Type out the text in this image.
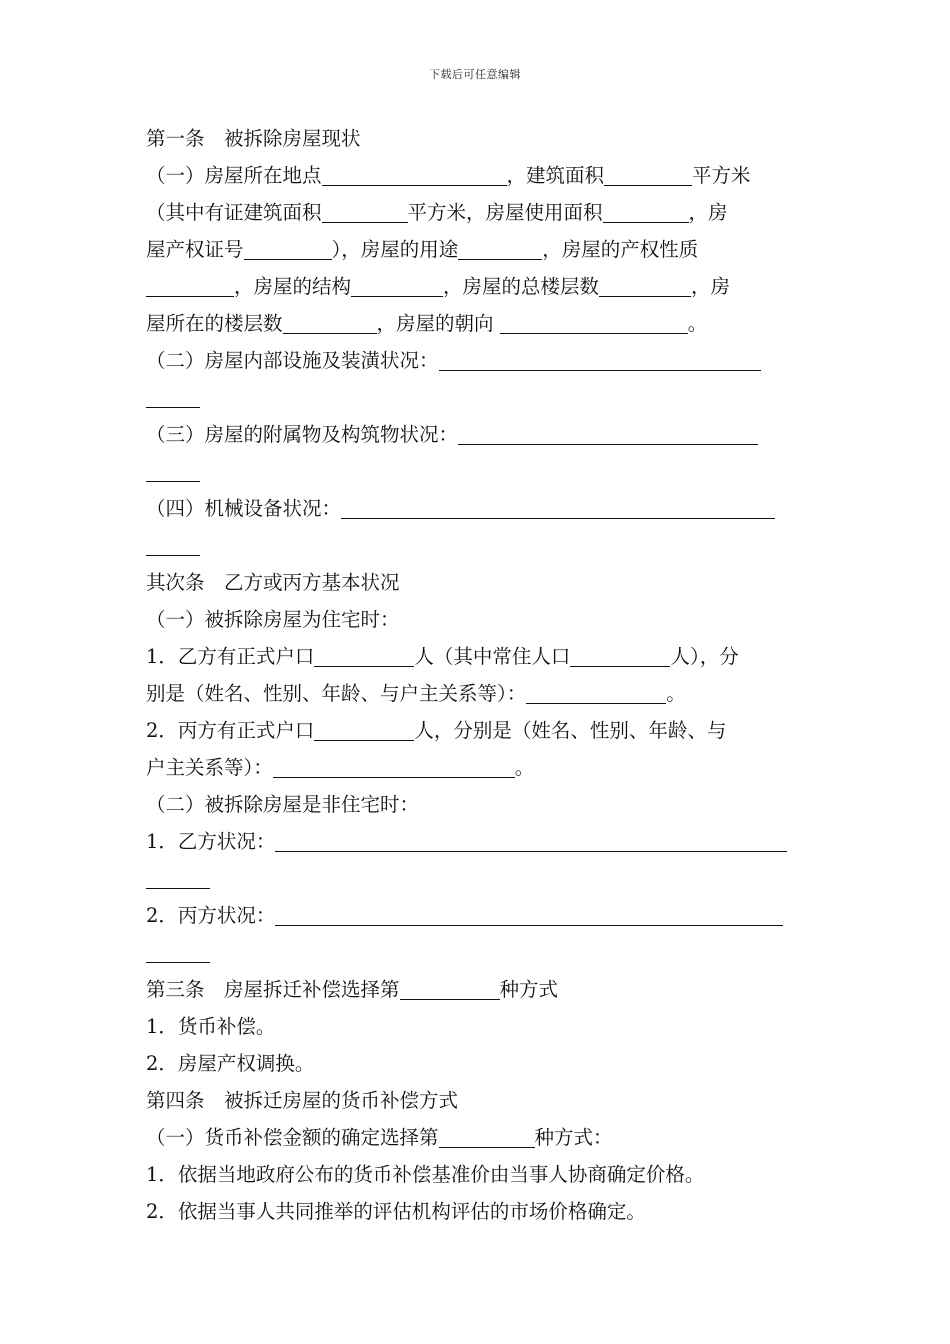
下载后可任意编辑
第一条　被拆除房屋现状
（一）房屋所在地点	，建筑面积	平方米
（其中有证建筑面积	平方米，房屋使用面积	，房
屋产权证号	），房屋的用途	，房屋的产权性质
，房屋的结构	，房屋的总楼层数	，房
屋所在的楼层数	，房屋的朝向	。
（二）房屋内部设施及装潢状况：
（三）房屋的附属物及构筑物状况：
（四）机械设备状况：
其次条　乙方或丙方基本状况
（一）被拆除房屋为住宅时：
1．乙方有正式户口	人（其中常住人口	人），分
别是（姓名、性别、年龄、与户主关系等）：	。
2．丙方有正式户口	人，分别是（姓名、性别、年龄、与
户主关系等）：	。
（二）被拆除房屋是非住宅时：
1．乙方状况：
2．丙方状况：
第三条　房屋拆迁补偿选择第	种方式
1．货币补偿。
2．房屋产权调换。
第四条　被拆迁房屋的货币补偿方式
（一）货币补偿金额的确定选择第	种方式：
1．依据当地政府公布的货币补偿基准价由当事人协商确定价格。
2．依据当事人共同推举的评估机构评估的市场价格确定。
